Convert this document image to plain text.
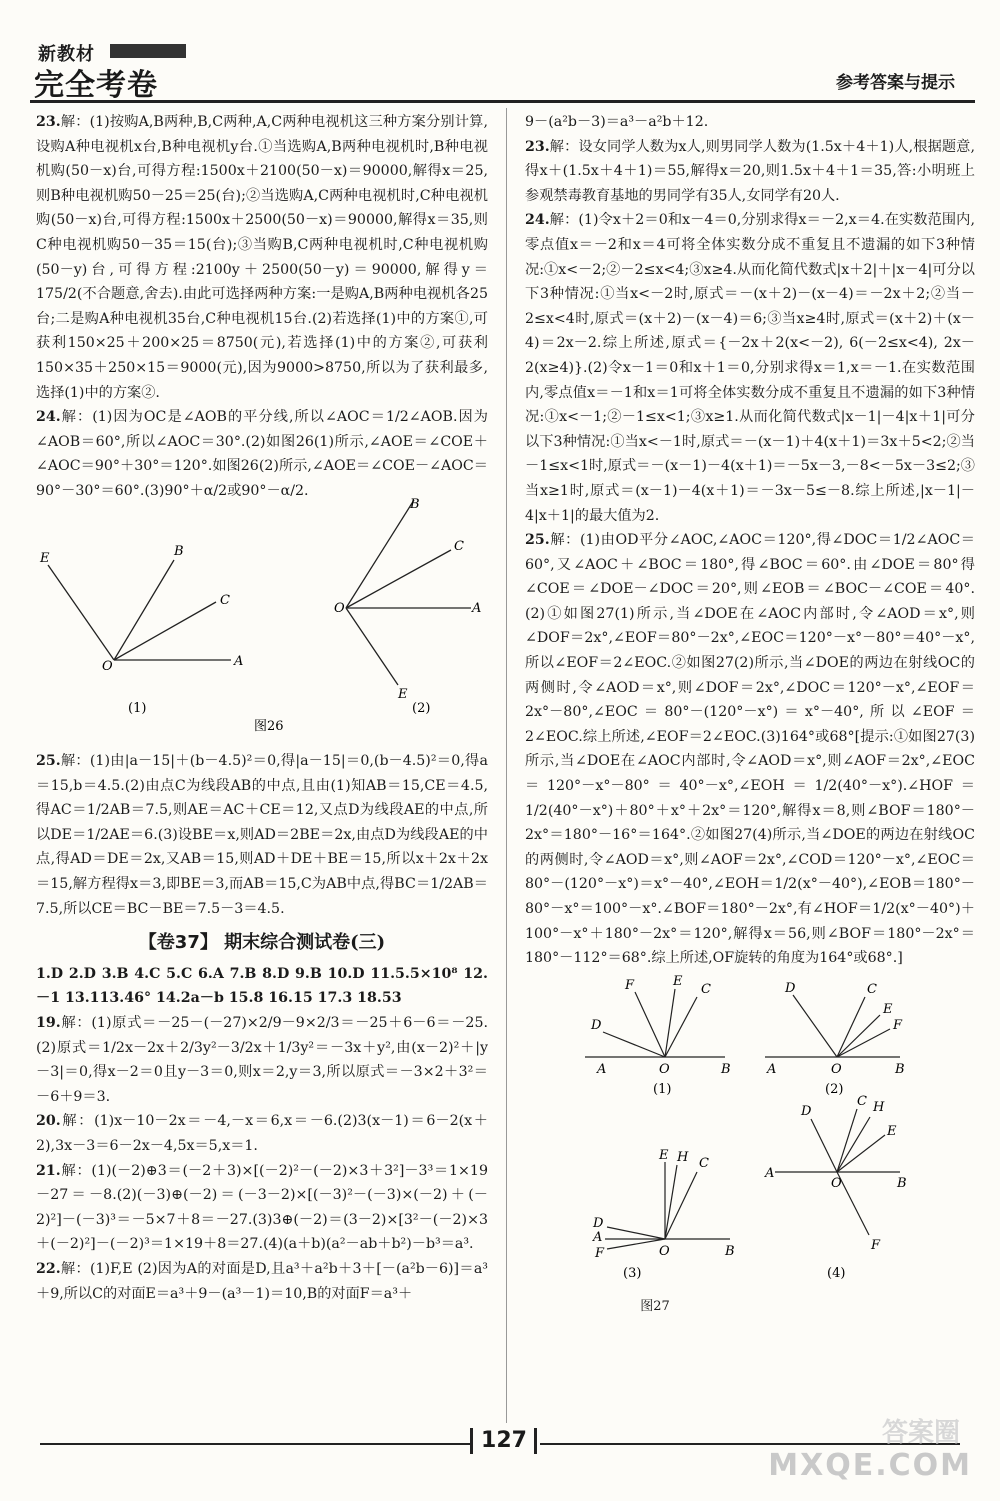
新教材
完全考卷	参考答案与提示

23.解：(1)按购A,B两种,B,C两种,A,C两种电视机这三种方案分别计算,设购A种电视机x台,B种电视机y台.①当选购A,B两种电视机时,B种电视机购(50－x)台,可得方程:1500x＋2100(50－x)＝90000,解得x＝25,则B种电视机购50－25＝25(台);②当选购A,C两种电视机时,C种电视机购(50－x)台,可得方程:1500x＋2500(50－x)＝90000,解得x＝35,则C种电视机购50－35＝15(台);③当购B,C两种电视机时,C种电视机购(50－y)台,可得方程:2100y＋2500(50－y)＝90000,解得y＝175/2(不合题意,舍去).由此可选择两种方案:一是购A,B两种电视机各25台;二是购A种电视机35台,C种电视机15台.(2)若选择(1)中的方案①,可获利150×25＋200×25＝8750(元),若选择(1)中的方案②,可获利150×35＋250×15＝9000(元),因为9000>8750,所以为了获利最多,选择(1)中的方案②.

24.解：(1)因为OC是∠AOB的平分线,所以∠AOC＝1/2∠AOB.因为∠AOB＝60°,所以∠AOC＝30°.(2)如图26(1)所示,∠AOE＝∠COE＋∠AOC＝90°＋30°＝120°.如图26(2)所示,∠AOE＝∠COE－∠AOC＝90°－30°＝60°.(3)90°＋α/2或90°－α/2.

E	B
C
O	A
B
C
O	A
E
(1)	(2)
图26

25.解：(1)由|a－15|＋(b－4.5)²＝0,得|a－15|＝0,(b－4.5)²＝0,得a＝15,b＝4.5.(2)由点C为线段AB的中点,且由(1)知AB＝15,CE＝4.5,得AC＝1/2AB＝7.5,则AE＝AC＋CE＝12,又点D为线段AE的中点,所以DE＝1/2AE＝6.(3)设BE＝x,则AD＝2BE＝2x,由点D为线段AE的中点,得AD＝DE＝2x,又AB＝15,则AD＋DE＋BE＝15,所以x＋2x＋2x＝15,解方程得x＝3,即BE＝3,而AB＝15,C为AB中点,得BC＝1/2AB＝7.5,所以CE＝BC－BE＝7.5－3＝4.5.

【卷37】 期末综合测试卷(三)

1.D 2.D 3.B 4.C 5.C 6.A 7.B 8.D 9.B 10.D 11.5.5×10⁸ 12.－1 13.113.46° 14.2a－b 15.8 16.15 17.3 18.53

19.解：(1)原式＝－25－(－27)×2/9－9×2/3＝－25＋6－6＝－25.(2)原式＝1/2x－2x＋2/3y²－3/2x＋1/3y²＝－3x＋y²,由(x－2)²＋|y－3|＝0,得x－2＝0且y－3＝0,则x＝2,y＝3,所以原式＝－3×2＋3²＝－6＋9＝3.

20.解：(1)x－10－2x＝－4,－x＝6,x＝－6.(2)3(x－1)＝6－2(x＋2),3x－3＝6－2x－4,5x＝5,x＝1.

21.解：(1)(－2)⊕3＝(－2＋3)×[(－2)²－(－2)×3＋3²]－3³＝1×19－27＝－8.(2)(－3)⊕(－2)＝(－3－2)×[(－3)²－(－3)×(－2)＋(－2)²]－(－3)³＝－5×7＋8＝－27.(3)3⊕(－2)＝(3－2)×[3²－(－2)×3＋(－2)²]－(－2)³＝1×19＋8＝27.(4)(a＋b)(a²－ab＋b²)－b³＝a³.

22.解：(1)F,E (2)因为A的对面是D,且a³＋a²b＋3＋[－(a²b－6)]＝a³＋9,所以C的对面E＝a³＋9－(a³－1)＝10,B的对面F＝a³＋

9－(a²b－3)＝a³－a²b＋12.

23.解：设女同学人数为x人,则男同学人数为(1.5x＋4＋1)人,根据题意,得x＋(1.5x＋4＋1)＝55,解得x＝20,则1.5x＋4＋1＝35,答:小明班上参观禁毒教育基地的男同学有35人,女同学有20人.

24.解：(1)令x＋2＝0和x－4＝0,分别求得x＝－2,x＝4.在实数范围内,零点值x＝－2和x＝4可将全体实数分成不重复且不遗漏的如下3种情况:①x<－2;②－2≤x<4;③x≥4.从而化简代数式|x＋2|＋|x－4|可分以下3种情况:①当x<－2时,原式＝－(x＋2)－(x－4)＝－2x＋2;②当－2≤x<4时,原式＝(x＋2)－(x－4)＝6;③当x≥4时,原式＝(x＋2)＋(x－4)＝2x－2.综上所述,原式＝{－2x＋2(x<－2), 6(－2≤x<4), 2x－2(x≥4)}.(2)令x－1＝0和x＋1＝0,分别求得x＝1,x＝－1.在实数范围内,零点值x＝－1和x＝1可将全体实数分成不重复且不遗漏的如下3种情况:①x<－1;②－1≤x<1;③x≥1.从而化简代数式|x－1|－4|x＋1|可分以下3种情况:①当x<－1时,原式＝－(x－1)＋4(x＋1)＝3x＋5<2;②当－1≤x<1时,原式＝－(x－1)－4(x＋1)＝－5x－3,－8<－5x－3≤2;③当x≥1时,原式＝(x－1)－4(x＋1)＝－3x－5≤－8.综上所述,|x－1|－4|x＋1|的最大值为2.

25.解：(1)由OD平分∠AOC,∠AOC＝120°,得∠DOC＝1/2∠AOC＝60°,又∠AOC＋∠BOC＝180°,得∠BOC＝60°.由∠DOE＝80°得∠COE＝∠DOE－∠DOC＝20°,则∠EOB＝∠BOC－∠COE＝40°.(2)①如图27(1)所示,当∠DOE在∠AOC内部时,令∠AOD＝x°,则∠DOF＝2x°,∠EOF＝80°－2x°,∠EOC＝120°－x°－80°＝40°－x°,所以∠EOF＝2∠EOC.②如图27(2)所示,当∠DOE的两边在射线OC的两侧时,令∠AOD＝x°,则∠DOF＝2x°,∠DOC＝120°－x°,∠EOF＝2x°－80°,∠EOC＝80°－(120°－x°)＝x°－40°,所以∠EOF＝2∠EOC.综上所述,∠EOF＝2∠EOC.(3)164°或68°[提示:①如图27(3)所示,当∠DOE在∠AOC内部时,令∠AOD＝x°,则∠AOF＝2x°,∠EOC＝120°－x°－80°＝40°－x°,∠EOH＝1/2(40°－x°).∠HOF＝1/2(40°－x°)＋80°＋x°＋2x°＝120°,解得x＝8,则∠BOF＝180°－2x°＝180°－16°＝164°.②如图27(4)所示,当∠DOE的两边在射线OC的两侧时,令∠AOD＝x°,则∠AOF＝2x°,∠COD＝120°－x°,∠EOC＝80°－(120°－x°)＝x°－40°,∠EOH＝1/2(x°－40°),∠EOB＝180°－80°－x°＝100°－x°.∠BOF＝180°－2x°,有∠HOF＝1/2(x°－40°)＋100°－x°＋180°－2x°＝120°,解得x＝56,则∠BOF＝180°－2x°＝180°－112°＝68°.综上所述,OF旋转的角度为164°或68°.]

F	E
C
D
A	O	B
(1)
D	C
E
F
A	O	B
(2)
E H C
D
A
F	O	B
(3)
D
C H
E
A
O	B
F
(4)
图27
127	答案圈
MXQE.COM
